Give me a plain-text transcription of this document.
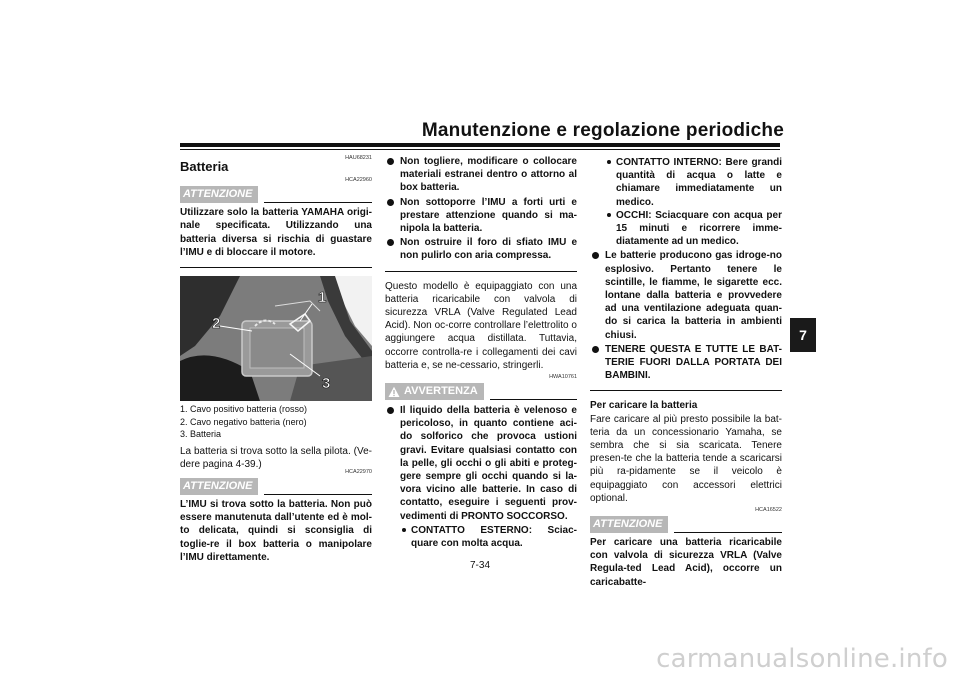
Manutenzione e regolazione periodiche
7
HAU68231
Batteria
HCA22960
ATTENZIONE
Utilizzare solo la batteria YAMAHA origi-nale specificata. Utilizzando una batteria diversa si rischia di guastare l’IMU e di bloccare il motore.
1
2
3
1. Cavo positivo batteria (rosso)
2. Cavo negativo batteria (nero)
3. Batteria
La batteria si trova sotto la sella pilota. (Ve-dere pagina 4-39.)
HCA22970
ATTENZIONE
L’IMU si trova sotto la batteria. Non può essere manutenuta dall’utente ed è mol-to delicata, quindi si sconsiglia di toglie-re il box batteria o manipolare l’IMU direttamente.
Non togliere, modificare o collocare materiali estranei dentro o attorno al box batteria.
Non sottoporre l’IMU a forti urti e prestare attenzione quando si ma-nipola la batteria.
Non ostruire il foro di sfiato IMU e non pulirlo con aria compressa.
Questo modello è equipaggiato con una batteria ricaricabile con valvola di sicurezza VRLA (Valve Regulated Lead Acid). Non oc-corre controllare l’elettrolito o aggiungere acqua distillata. Tuttavia, occorre controlla-re i collegamenti dei cavi batteria e, se ne-cessario, stringerli.
HWA10761
AVVERTENZA
Il liquido della batteria è velenoso e pericoloso, in quanto contiene aci-do solforico che provoca ustioni gravi. Evitare qualsiasi contatto con la pelle, gli occhi o gli abiti e proteg-gere sempre gli occhi quando si la-vora vicino alle batterie. In caso di contatto, eseguire i seguenti prov-vedimenti di PRONTO SOCCORSO.
CONTATTO ESTERNO: Sciac-quare con molta acqua.
CONTATTO INTERNO: Bere grandi quantità di acqua o latte e chiamare immediatamente un medico.
OCCHI: Sciacquare con acqua per 15 minuti e ricorrere imme-diatamente ad un medico.
Le batterie producono gas idroge-no esplosivo. Pertanto tenere le scintille, le fiamme, le sigarette ecc. lontane dalla batteria e provvedere ad una ventilazione adeguata quan-do si carica la batteria in ambienti chiusi.
TENERE QUESTA E TUTTE LE BAT-TERIE FUORI DALLA PORTATA DEI BAMBINI.
Per caricare la batteria
Fare caricare al più presto possibile la bat-teria da un concessionario Yamaha, se sembra che si sia scaricata. Tenere presen-te che la batteria tende a scaricarsi più ra-pidamente se il veicolo è equipaggiato con accessori elettrici optional.
HCA16522
ATTENZIONE
Per caricare una batteria ricaricabile con valvola di sicurezza VRLA (Valve Regula-ted Lead Acid), occorre un caricabatte-
7-34
carmanualsonline.info
